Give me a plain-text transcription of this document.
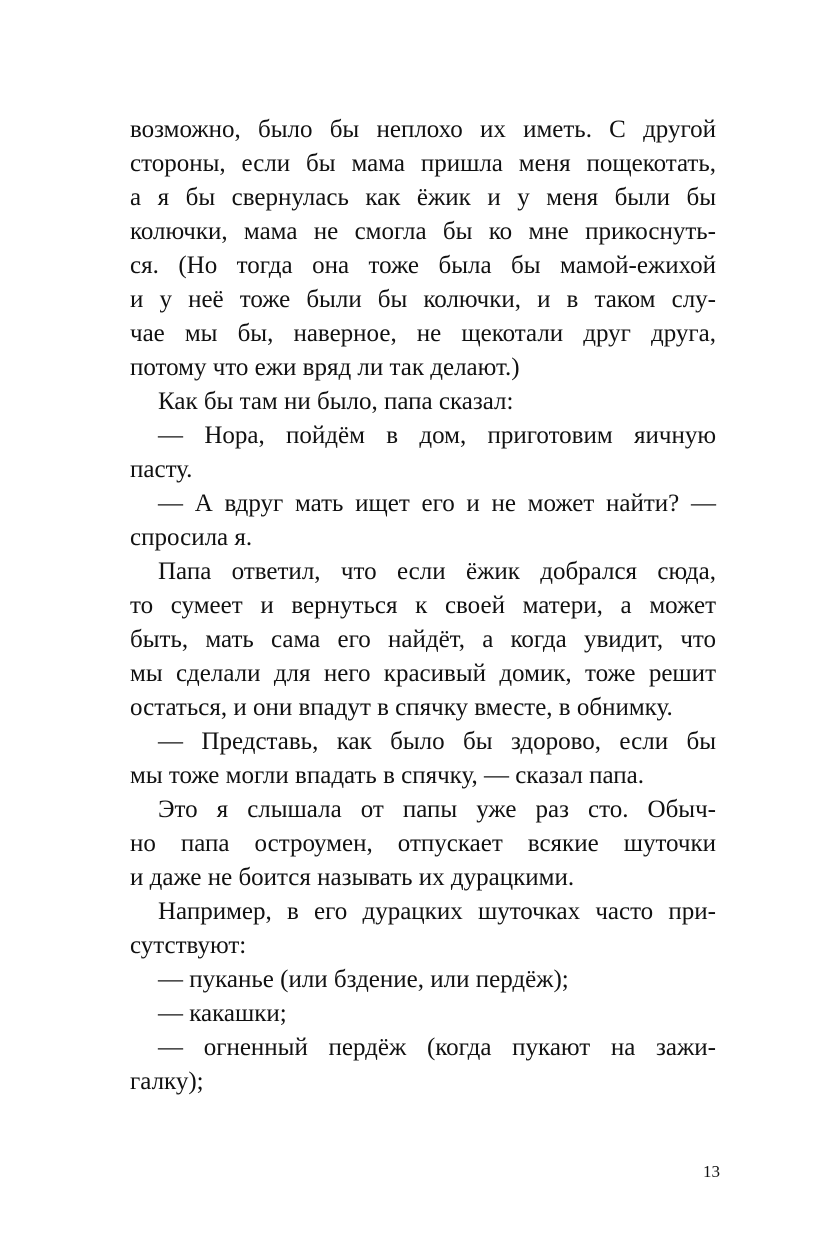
возможно, было бы неплохо их иметь. С другой
стороны, если бы мама пришла меня пощекотать,
а я бы свернулась как ёжик и у меня были бы
колючки, мама не смогла бы ко мне прикоснуть-
ся. (Но тогда она тоже была бы мамой-ежихой
и у неё тоже были бы колючки, и в таком слу-
чае мы бы, наверное, не щекотали друг друга,
потому что ежи вряд ли так делают.)
Как бы там ни было, папа сказал:
— Нора, пойдём в дом, приготовим яичную
пасту.
— А вдруг мать ищет его и не может найти? —
спросила я.
Папа ответил, что если ёжик добрался сюда,
то сумеет и вернуться к своей матери, а может
быть, мать сама его найдёт, а когда увидит, что
мы сделали для него красивый домик, тоже решит
остаться, и они впадут в спячку вместе, в обнимку.
— Представь, как было бы здорово, если бы
мы тоже могли впадать в спячку, — сказал папа.
Это я слышала от папы уже раз сто. Обыч-
но папа остроумен, отпускает всякие шуточки
и даже не боится называть их дурацкими.
Например, в его дурацких шуточках часто при-
сутствуют:
— пуканье (или бздение, или пердёж);
— какашки;
— огненный пердёж (когда пукают на зажи-
галку);
13
